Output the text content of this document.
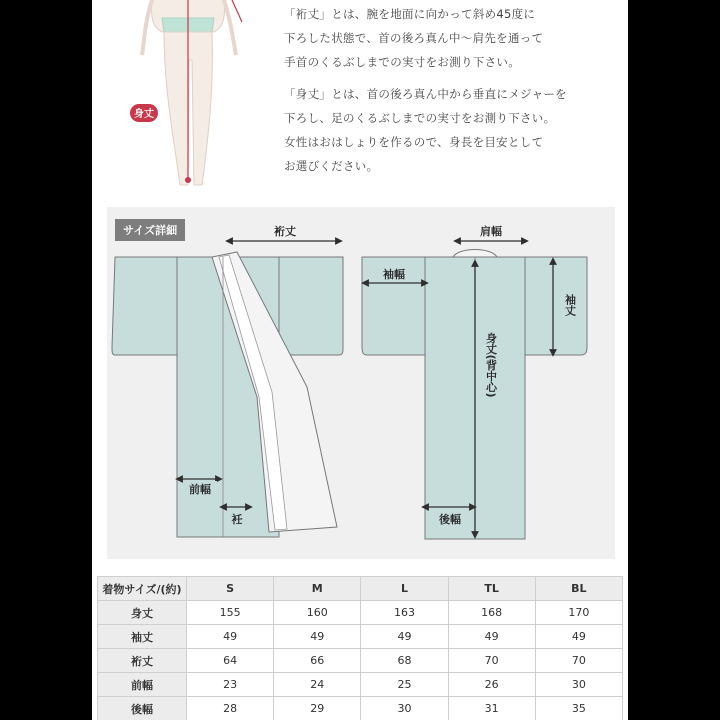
身丈
「裄丈」とは、腕を地面に向かって斜め45度に
下ろした状態で、首の後ろ真ん中～肩先を通って
手首のくるぶしまでの実寸をお測り下さい。
「身丈」とは、首の後ろ真ん中から垂直にメジャーを
下ろし、足のくるぶしまでの実寸をお測り下さい。
女性はおはしょりを作るので、身長を目安として
お選びください。
裄丈	肩幅
袖幅
袖丈
身丈(背中心)
前幅
衽	後幅
サイズ詳細
着物サイズ/(約)	S	M	L	TL	BL
身丈	155	160	163	168	170
袖丈	49	49	49	49	49
裄丈	64	66	68	70	70
前幅	23	24	25	26	30
後幅	28	29	30	31	35
